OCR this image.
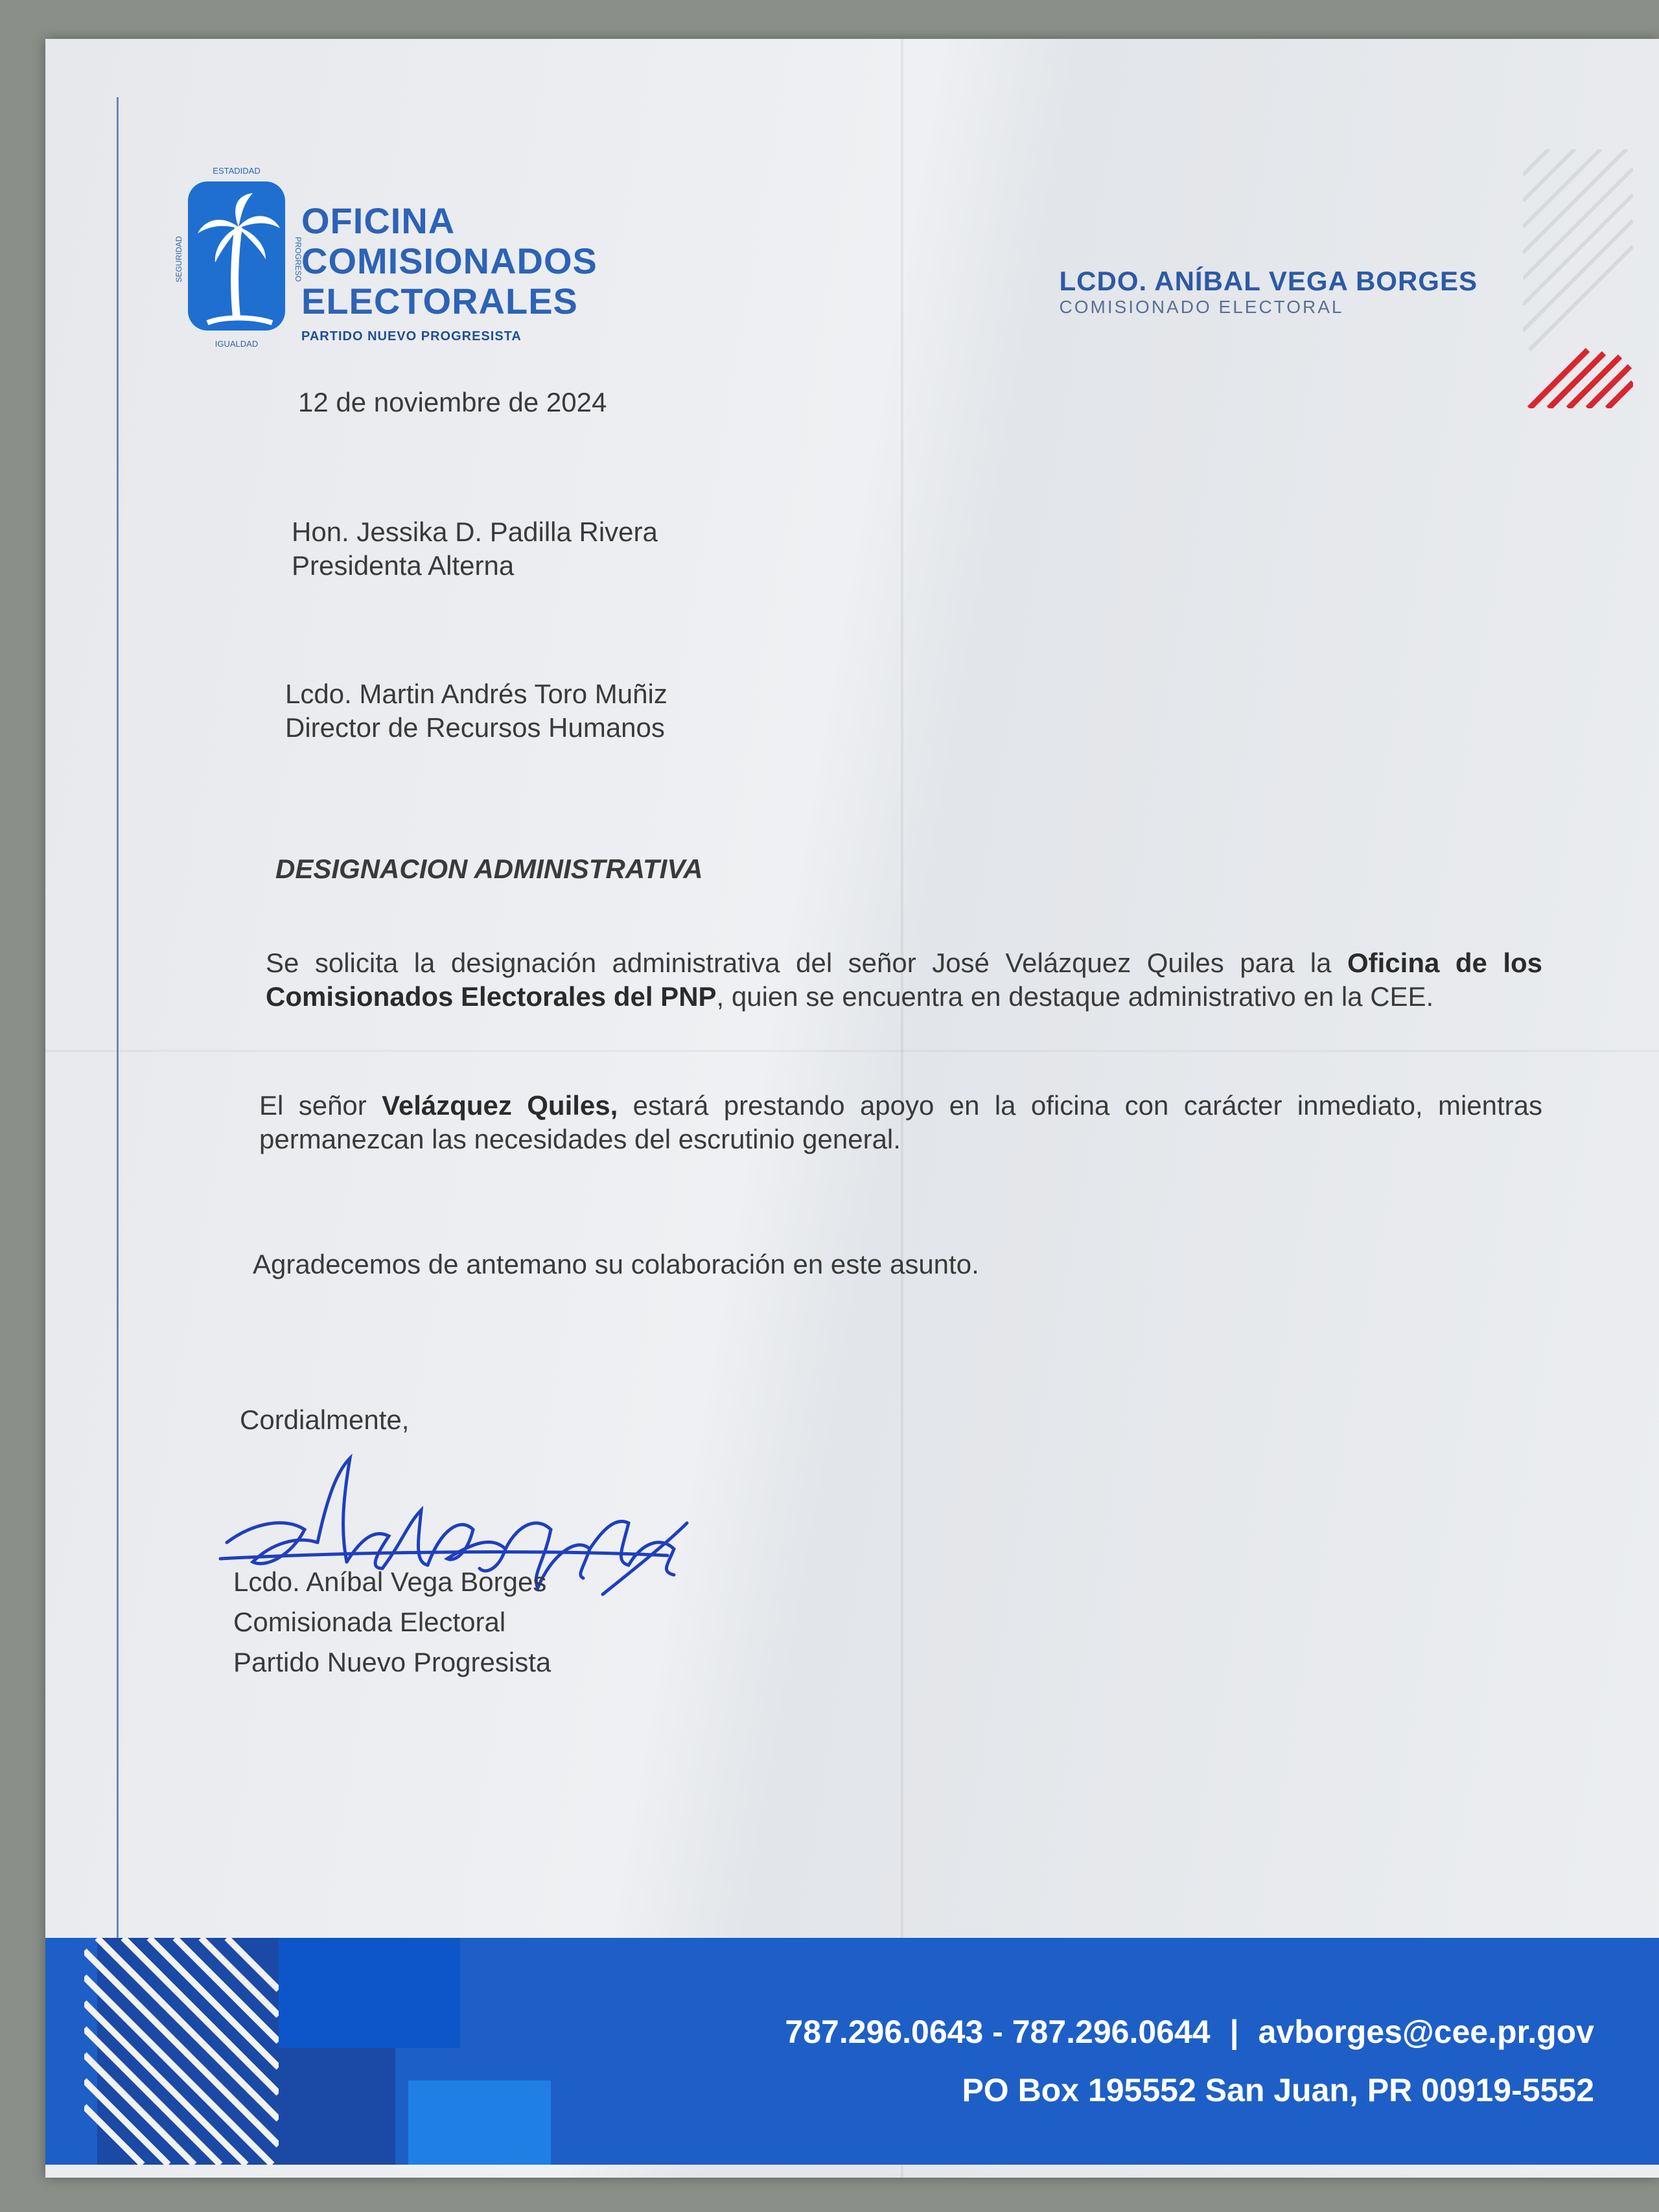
ESTADIDAD
SEGURIDAD	PROGRESO
IGUALDAD
OFICINA
COMISIONADOS
ELECTORALES
PARTIDO NUEVO PROGRESISTA
LCDO. ANÍBAL VEGA BORGES
COMISIONADO ELECTORAL
12 de noviembre de 2024
Hon. Jessika D. Padilla Rivera
Presidenta Alterna
Lcdo. Martin Andrés Toro Muñiz
Director de Recursos Humanos
DESIGNACION ADMINISTRATIVA
Se solicita la designación administrativa del señor José Velázquez Quiles para la Oficina de los Comisionados Electorales del PNP, quien se encuentra en destaque administrativo en la CEE.
El señor Velázquez Quiles, estará prestando apoyo en la oficina con carácter inmediato, mientras permanezcan las necesidades del escrutinio general.
Agradecemos de antemano su colaboración en este asunto.
Cordialmente,
Lcdo. Aníbal Vega Borges
Comisionada Electoral
Partido Nuevo Progresista
787.296.0643 - 787.296.0644 | avborges@cee.pr.gov
PO Box 195552 San Juan, PR 00919-5552
